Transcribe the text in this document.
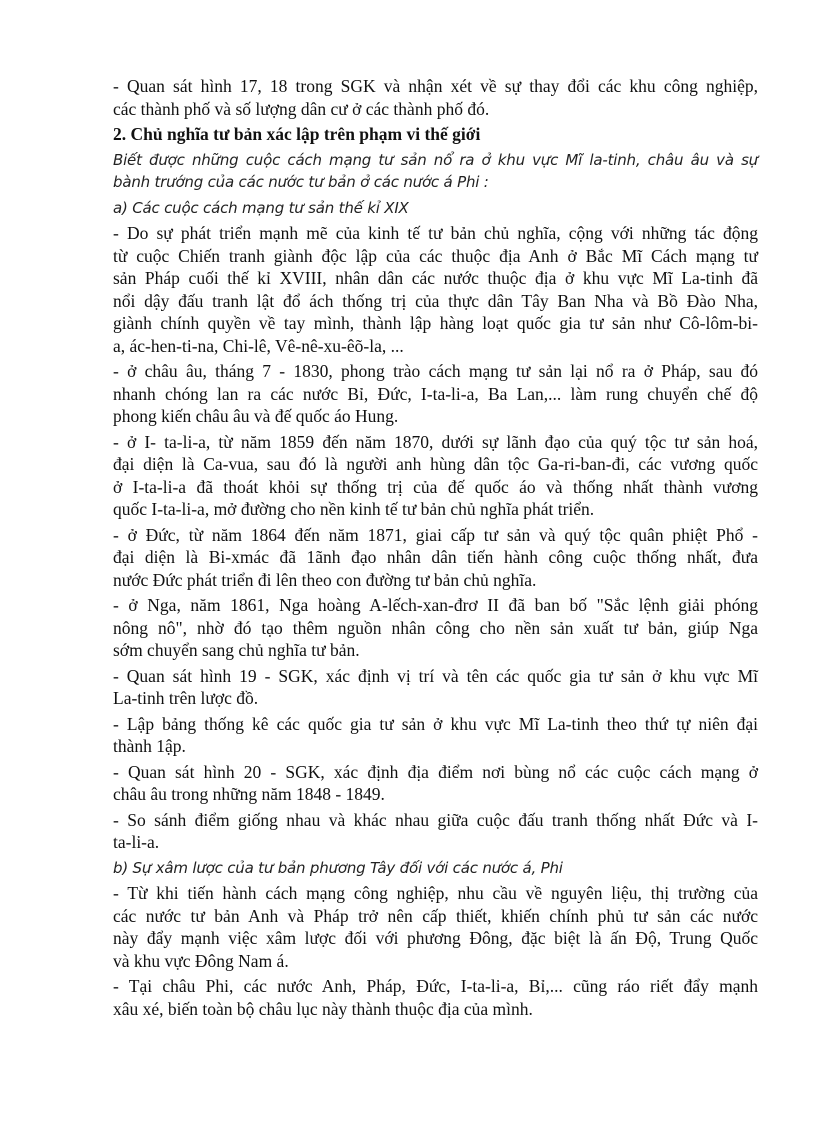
- Quan sát hình 17, 18 trong SGK và nhận xét về sự thay đổi các khu công nghiệp,
các thành phố và số lượng dân cư ở các thành phố đó.
2. Chủ nghĩa tư bản xác lập trên phạm vi thế giới
Biết được những cuộc cách mạng tư sản nổ ra ở khu vực Mĩ la-tinh, châu âu và sự
bành trướng của các nước tư bản ở các nước á Phi :
a) Các cuộc cách mạng tư sản thế kỉ XIX
- Do sự phát triển mạnh mẽ của kinh tế tư bản chủ nghĩa, cộng với những tác động
từ cuộc Chiến tranh giành độc lập của các thuộc địa Anh ở Bắc Mĩ Cách mạng tư
sản Pháp cuối thế kỉ XVIII, nhân dân các nước thuộc địa ở khu vực Mĩ La-tinh đã
nổi dậy đấu tranh lật đổ ách thống trị của thực dân Tây Ban Nha và Bồ Đào Nha,
giành chính quyền về tay mình, thành lập hàng loạt quốc gia tư sản như Cô-lôm-bi-
a, ác-hen-ti-na, Chi-lê, Vê-nê-xu-êõ-la, ...
- ở châu âu, tháng 7 - 1830, phong trào cách mạng tư sản lại nổ ra ở Pháp, sau đó
nhanh chóng lan ra các nước Bỉ, Đức, I-ta-li-a, Ba Lan,... làm rung chuyển chế độ
phong kiến châu âu và đế quốc áo Hung.
- ở I- ta-li-a, từ năm 1859 đến năm 1870, dưới sự lãnh đạo của quý tộc tư sản hoá,
đại diện là Ca-vua, sau đó là người anh hùng dân tộc Ga-ri-ban-đi, các vương quốc
ở I-ta-li-a đã thoát khỏi sự thống trị của đế quốc áo và thống nhất thành vương
quốc I-ta-li-a, mở đường cho nền kinh tế tư bản chủ nghĩa phát triển.
- ở Đức, từ năm 1864 đến năm 1871, giai cấp tư sản và quý tộc quân phiệt Phổ -
đại diện là Bi-xmác đã 1ãnh đạo nhân dân tiến hành công cuộc thống nhất, đưa
nước Đức phát triển đi lên theo con đường tư bản chủ nghĩa.
- ở Nga, năm 1861, Nga hoàng A-lếch-xan-đrơ II đã ban bố "Sắc lệnh giải phóng
nông nô", nhờ đó tạo thêm nguồn nhân công cho nền sản xuất tư bản, giúp Nga
sớm chuyển sang chủ nghĩa tư bản.
- Quan sát hình 19 - SGK, xác định vị trí và tên các quốc gia tư sản ở khu vực Mĩ
La-tinh trên lược đồ.
- Lập bảng thống kê các quốc gia tư sản ở khu vực Mĩ La-tinh theo thứ tự niên đại
thành 1ập.
- Quan sát hình 20 - SGK, xác định địa điểm nơi bùng nổ các cuộc cách mạng ở
châu âu trong những năm 1848 - 1849.
- So sánh điểm giống nhau và khác nhau giữa cuộc đấu tranh thống nhất Đức và I-
ta-li-a.
b) Sự xâm lược của tư bản phương Tây đối với các nước á, Phi
- Từ khi tiến hành cách mạng công nghiệp, nhu cầu về nguyên liệu, thị trường của
các nước tư bản Anh và Pháp trở nên cấp thiết, khiến chính phủ tư sản các nước
này đẩy mạnh việc xâm lược đối với phương Đông, đặc biệt là ấn Độ, Trung Quốc
và khu vực Đông Nam á.
- Tại châu Phi, các nước Anh, Pháp, Đức, I-ta-li-a, Bỉ,... cũng ráo riết đẩy mạnh
xâu xé, biến toàn bộ châu lục này thành thuộc địa của mình.
